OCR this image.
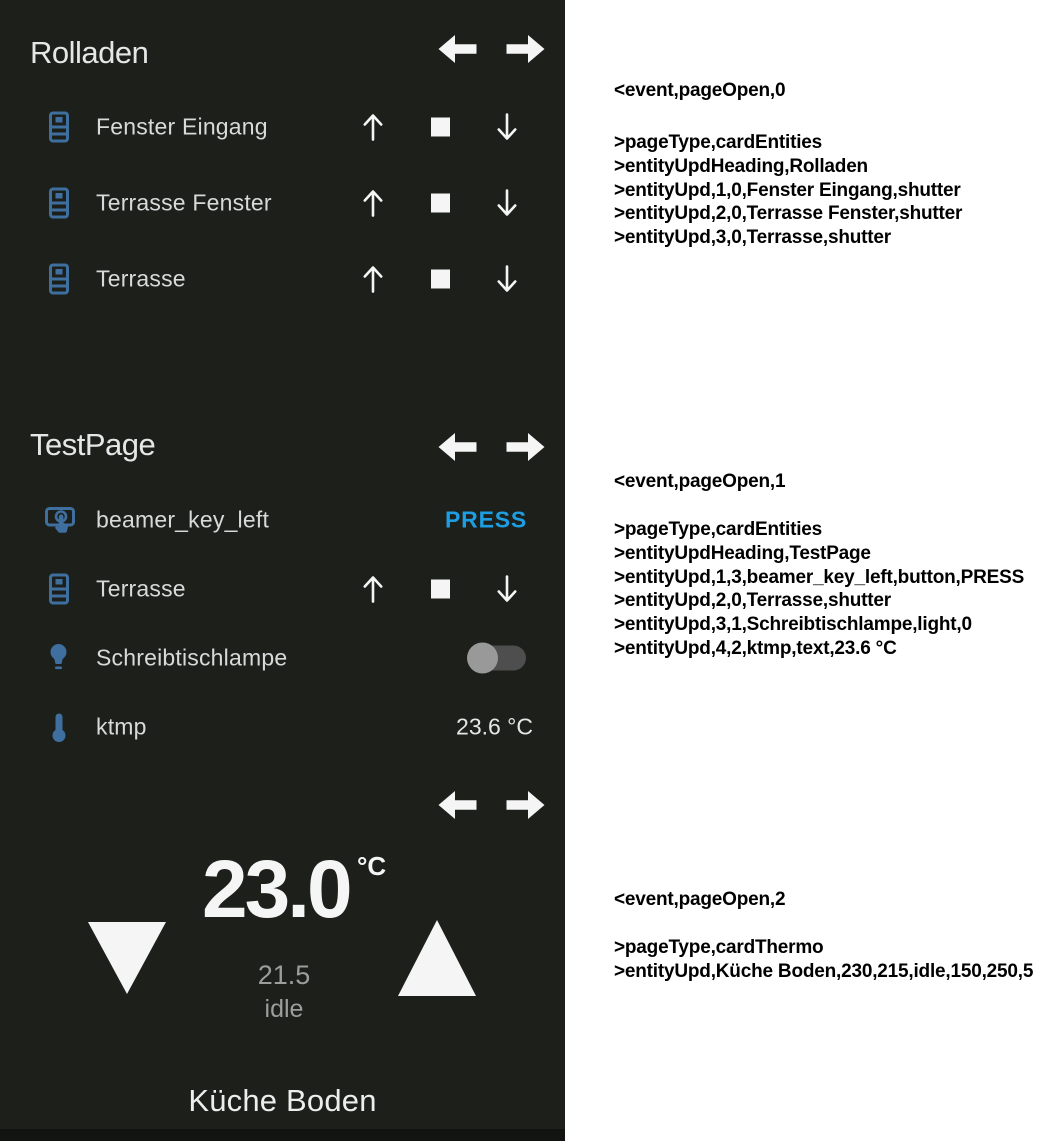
Rolladen
Fenster Eingang
Terrasse Fenster
Terrasse
TestPage
beamer_key_left	PRESS
Terrasse
Schreibtischlampe
ktmp	23.6 °C
23.0 °C
21.5
idle
Küche Boden
<event,pageOpen,0

>pageType,cardEntities

>entityUpdHeading,Rolladen

>entityUpd,1,0,Fenster Eingang,shutter

>entityUpd,2,0,Terrasse Fenster,shutter

>entityUpd,3,0,Terrasse,shutter

<event,pageOpen,1

>pageType,cardEntities

>entityUpdHeading,TestPage

>entityUpd,1,3,beamer_key_left,button,PRESS

>entityUpd,2,0,Terrasse,shutter

>entityUpd,3,1,Schreibtischlampe,light,0

>entityUpd,4,2,ktmp,text,23.6 °C

<event,pageOpen,2

>pageType,cardThermo

>entityUpd,Küche Boden,230,215,idle,150,250,5
